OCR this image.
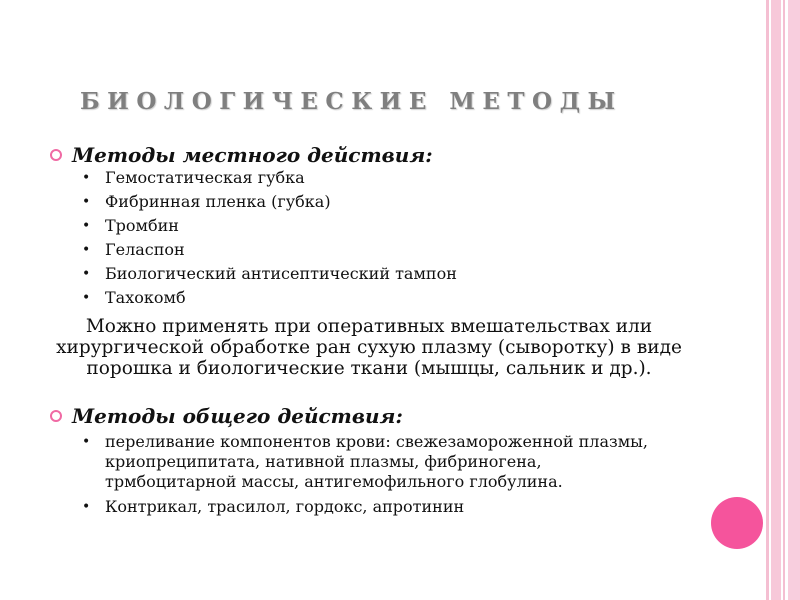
БИОЛОГИЧЕСКИЕ МЕТОДЫ
Методы местного действия:
• Гемостатическая губка
• Фибринная пленка (губка)
• Тромбин
• Геласпон
• Биологический антисептический тампон
• Тахокомб

Можно применять при оперативных вмешательствах или хирургической обработке ран сухую плазму (сыворотку) в виде порошка и биологические ткани (мышцы, сальник и др.).

Методы общего действия:
• переливание компонентов крови: свежезамороженной плазмы, криопреципитата, нативной плазмы, фибриногена, трмбоцитарной массы, антигемофильного глобулина.
• Контрикал, трасилол, гордокс, апротинин
